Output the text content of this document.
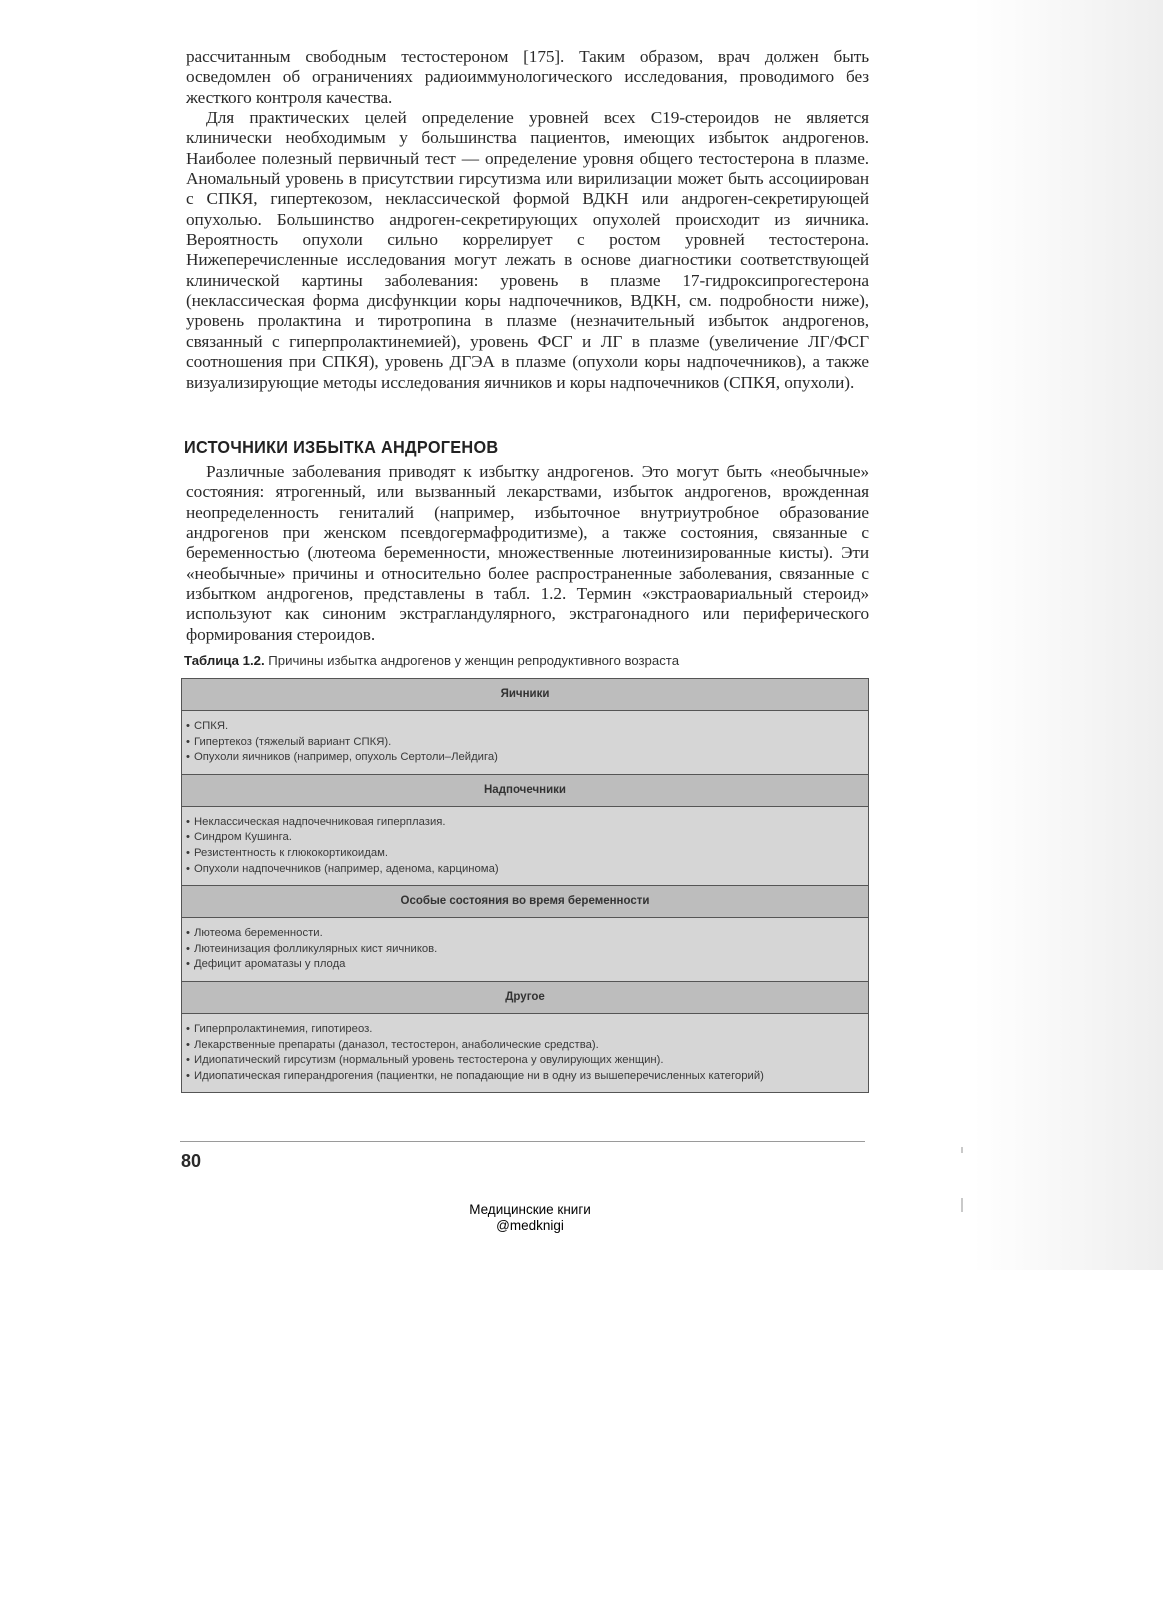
рассчитанным свободным тестостероном [175]. Таким образом, врач должен быть осведомлен об ограничениях радиоиммунологического исследования, проводимого без жесткого контроля качества.

Для практических целей определение уровней всех С19-стероидов не является клинически необходимым у большинства пациентов, имеющих избыток андрогенов. Наиболее полезный первичный тест — определение уровня общего тестостерона в плазме. Аномальный уровень в присутствии гирсутизма или вирилизации может быть ассоциирован с СПКЯ, гипертекозом, неклассической формой ВДКН или андроген-секретирующей опухолью. Большинство андроген-секретирующих опухолей происходит из яичника. Вероятность опухоли сильно коррелирует с ростом уровней тестостерона. Нижеперечисленные исследования могут лежать в основе диагностики соответствующей клинической картины заболевания: уровень в плазме 17-гидроксипрогестерона (неклассическая форма дисфункции коры надпочечников, ВДКН, см. подробности ниже), уровень пролактина и тиротропина в плазме (незначительный избыток андрогенов, связанный с гиперпролактинемией), уровень ФСГ и ЛГ в плазме (увеличение ЛГ/ФСГ соотношения при СПКЯ), уровень ДГЭА в плазме (опухоли коры надпочечников), а также визуализирующие методы исследования яичников и коры надпочечников (СПКЯ, опухоли).

ИСТОЧНИКИ ИЗБЫТКА АНДРОГЕНОВ

Различные заболевания приводят к избытку андрогенов. Это могут быть «необычные» состояния: ятрогенный, или вызванный лекарствами, избыток андрогенов, врожденная неопределенность гениталий (например, избыточное внутриутробное образование андрогенов при женском псевдогермафродитизме), а также состояния, связанные с беременностью (лютеома беременности, множественные лютеинизированные кисты). Эти «необычные» причины и относительно более распространенные заболевания, связанные с избытком андрогенов, представлены в табл. 1.2. Термин «экстраовариальный стероид» используют как синоним экстрагландулярного, экстрагонадного или периферического формирования стероидов.

Таблица 1.2. Причины избытка андрогенов у женщин репродуктивного возраста
Яичники
• СПКЯ.
• Гипертекоз (тяжелый вариант СПКЯ).
• Опухоли яичников (например, опухоль Сертоли–Лейдига)
Надпочечники
• Неклассическая надпочечниковая гиперплазия.
• Синдром Кушинга.
• Резистентность к глюкокортикоидам.
• Опухоли надпочечников (например, аденома, карцинома)
Особые состояния во время беременности
• Лютеома беременности.
• Лютеинизация фолликулярных кист яичников.
• Дефицит ароматазы у плода
Другое
• Гиперпролактинемия, гипотиреоз.
• Лекарственные препараты (даназол, тестостерон, анаболические средства).
• Идиопатический гирсутизм (нормальный уровень тестостерона у овулирующих женщин).
• Идиопатическая гиперандрогения (пациентки, не попадающие ни в одну из вышеперечисленных категорий)
80
Медицинские книги
@medknigi
